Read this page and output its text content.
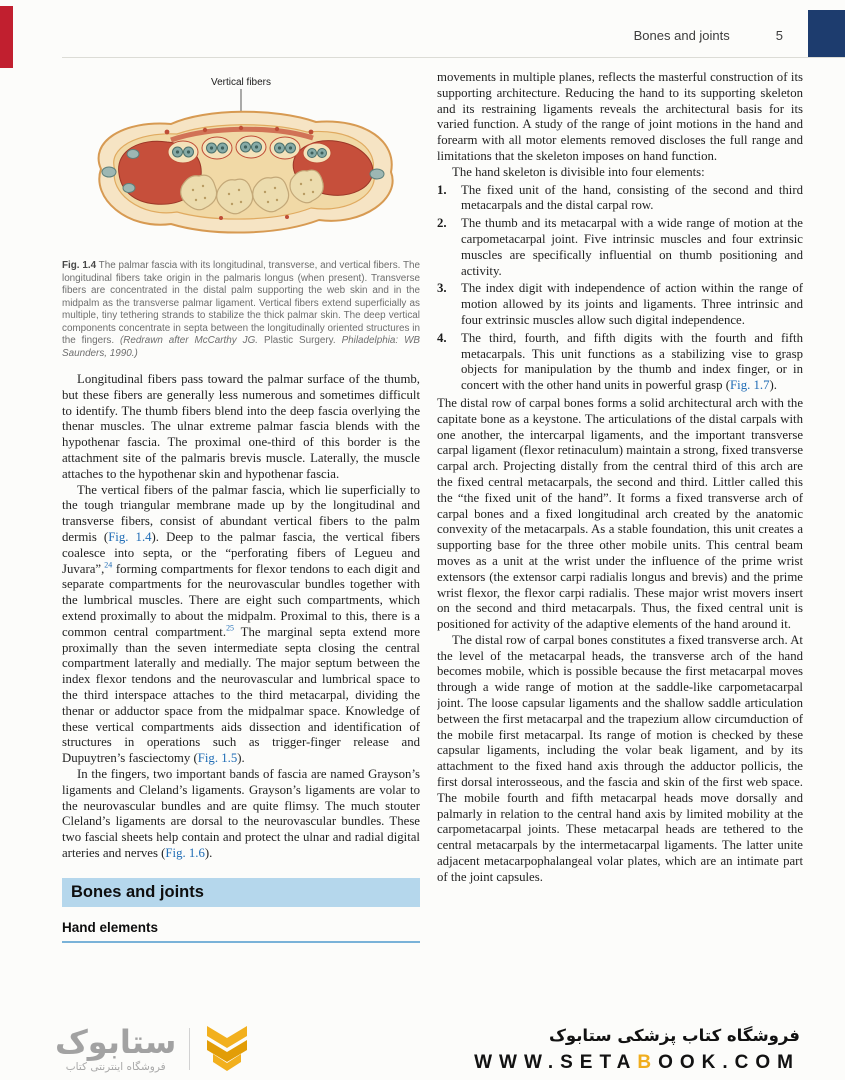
Bones and joints	5
Vertical fibers

Fig. 1.4 The palmar fascia with its longitudinal, transverse, and vertical fibers. The longitudinal fibers take origin in the palmaris longus (when present). Transverse fibers are concentrated in the distal palm supporting the web skin and in the midpalm as the transverse palmar ligament. Vertical fibers extend superficially as multiple, tiny tethering strands to stabilize the thick palmar skin. The deep vertical components concentrate in septa between the longitudinally oriented structures in the fingers. (Redrawn after McCarthy JG. Plastic Surgery. Philadelphia: WB Saunders, 1990.)

Longitudinal fibers pass toward the palmar surface of the thumb, but these fibers are generally less numerous and sometimes difficult to identify. The thumb fibers blend into the deep fascia overlying the thenar muscles. The ulnar extreme palmar fascia blends with the hypothenar fascia. The proximal one-third of this border is the attachment site of the palmaris brevis muscle. Laterally, the muscle attaches to the hypothenar skin and hypothenar fascia.

The vertical fibers of the palmar fascia, which lie superficially to the tough triangular membrane made up by the longitudinal and transverse fibers, consist of abundant vertical fibers to the palm dermis (Fig. 1.4). Deep to the palmar fascia, the vertical fibers coalesce into septa, or the “perforating fibers of Legueu and Juvara”,$^{24}$ forming compartments for flexor tendons to each digit and separate compartments for the neurovascular bundles together with the lumbrical muscles. There are eight such compartments, which extend proximally to about the midpalm. Proximal to this, there is a common central compartment.$^{25}$ The marginal septa extend more proximally than the seven intermediate septa closing the central compartment laterally and medially. The major septum between the index flexor tendons and the neurovascular and lumbrical space to the third interspace attaches to the third metacarpal, dividing the thenar or adductor space from the midpalmar space. Knowledge of these vertical compartments aids dissection and identification of structures in operations such as trigger-finger release and Dupuytren’s fasciectomy (Fig. 1.5).

In the fingers, two important bands of fascia are named Grayson’s ligaments and Cleland’s ligaments. Grayson’s ligaments are volar to the neurovascular bundles and are quite flimsy. The much stouter Cleland’s ligaments are dorsal to the neurovascular bundles. These two fascial sheets help contain and protect the ulnar and radial digital arteries and nerves (Fig. 1.6).

Bones and joints
Hand elements

movements in multiple planes, reflects the masterful construction of its supporting architecture. Reducing the hand to its supporting skeleton and its restraining ligaments reveals the architectural basis for its varied function. A study of the range of joint motions in the hand and forearm with all motor elements removed discloses the full range and limitations that the skeleton imposes on hand function.

The hand skeleton is divisible into four elements:

1.	The fixed unit of the hand, consisting of the second and third metacarpals and the distal carpal row.
2.	The thumb and its metacarpal with a wide range of motion at the carpometacarpal joint. Five intrinsic muscles and four extrinsic muscles are specifically influential on thumb positioning and activity.
3.	The index digit with independence of action within the range of motion allowed by its joints and ligaments. Three intrinsic and four extrinsic muscles allow such digital independence.
4.	The third, fourth, and fifth digits with the fourth and fifth metacarpals. This unit functions as a stabilizing vise to grasp objects for manipulation by the thumb and index finger, or in concert with the other hand units in powerful grasp (Fig. 1.7).

The distal row of carpal bones forms a solid architectural arch with the capitate bone as a keystone. The articulations of the distal carpals with one another, the intercarpal ligaments, and the important transverse carpal ligament (flexor retinaculum) maintain a strong, fixed transverse carpal arch. Projecting distally from the central third of this arch are the fixed central metacarpals, the second and third. Littler called this the “the fixed unit of the hand”. It forms a fixed transverse arch of carpal bones and a fixed longitudinal arch created by the anatomic convexity of the metacarpals. As a stable foundation, this unit creates a supporting base for the three other mobile units. This central beam moves as a unit at the wrist under the influence of the prime wrist extensors (the extensor carpi radialis longus and brevis) and the prime wrist flexor, the flexor carpi radialis. These major wrist movers insert on the second and third metacarpals. Thus, the fixed central unit is positioned for activity of the adaptive elements of the hand around it.

The distal row of carpal bones constitutes a fixed transverse arch. At the level of the metacarpal heads, the transverse arch of the hand becomes mobile, which is possible because the first metacarpal moves through a wide range of motion at the saddle-like carpometacarpal joint. The loose capsular ligaments and the shallow saddle articulation between the first metacarpal and the trapezium allow circumduction of the mobile first metacarpal. Its range of motion is checked by these capsular ligaments, including the volar beak ligament, and by its attachment to the fixed hand axis through the adductor pollicis, the first dorsal interosseous, and the fascia and skin of the first web space. The mobile fourth and fifth metacarpal heads move dorsally and palmarly in relation to the central hand axis by limited mobility at the carpometacarpal joints. These metacarpal heads are tethered to the central metacarpals by the intermetacarpal ligaments. The latter unite adjacent metacarpophalangeal volar plates, which are an intimate part of the joint capsules.

ستابوک
فروشگاه اینترنتی کتاب
فروشگاه کتاب پزشکی ستابوک
WWW.SETABOOK.COM
